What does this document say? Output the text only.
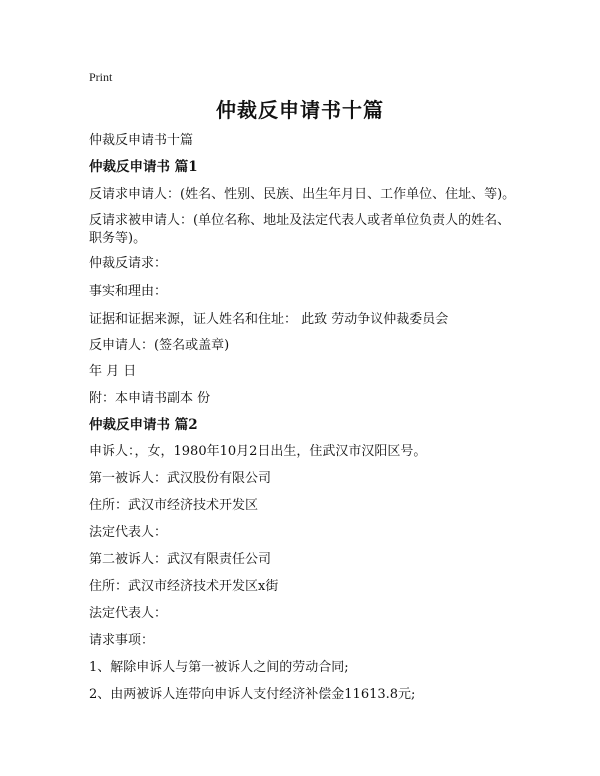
Print
仲裁反申请书十篇
仲裁反申请书十篇
仲裁反申请书 篇1
反请求申请人：(姓名、性别、民族、出生年月日、工作单位、住址、等)。
反请求被申请人：(单位名称、地址及法定代表人或者单位负责人的姓名、职务等)。
仲裁反请求：
事实和理由：
证据和证据来源，证人姓名和住址： 此致 劳动争议仲裁委员会
反申请人：(签名或盖章)
年 月 日
附：本申请书副本 份
仲裁反申请书 篇2
申诉人：，女，1980年10月2日出生，住武汉市汉阳区号。
第一被诉人：武汉股份有限公司
住所：武汉市经济技术开发区
法定代表人：
第二被诉人：武汉有限责任公司
住所：武汉市经济技术开发区x街
法定代表人：
请求事项：
1、解除申诉人与第一被诉人之间的劳动合同;
2、由两被诉人连带向申诉人支付经济补偿金11613.8元;
